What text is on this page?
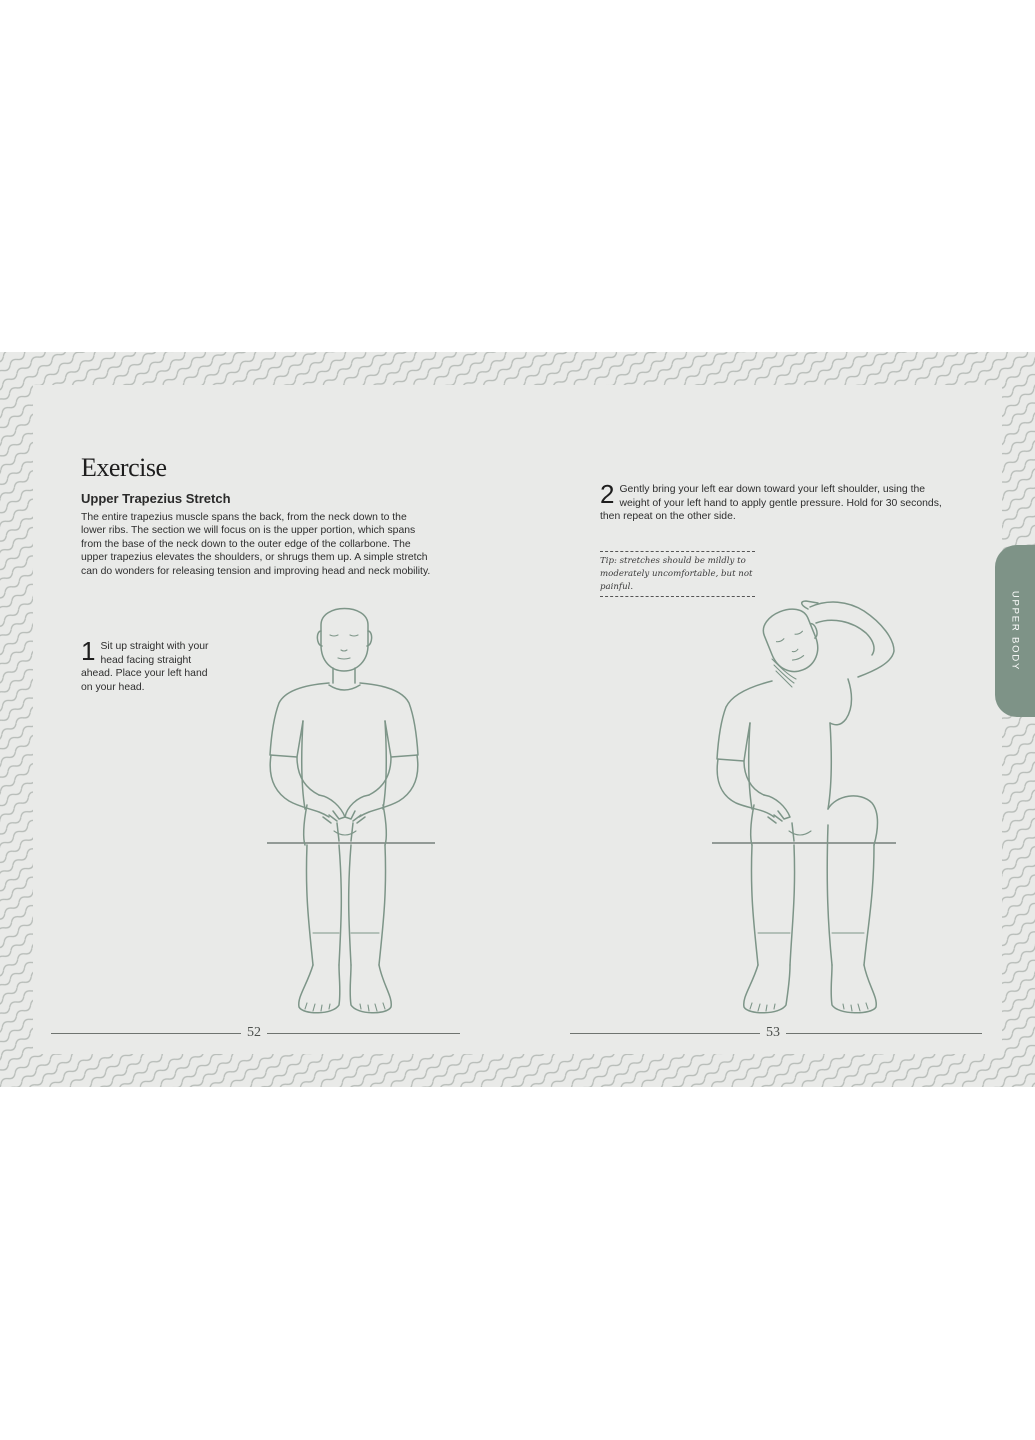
Exercise
Upper Trapezius Stretch

The entire trapezius muscle spans the back, from the neck down to the lower ribs. The section we will focus on is the upper portion, which spans from the base of the neck down to the outer edge of the collarbone. The upper trapezius elevates the shoulders, or shrugs them up. A simple stretch can do wonders for releasing tension and improving head and neck mobility.

1 Sit up straight with your head facing straight ahead. Place your left hand on your head.
52
2 Gently bring your left ear down toward your left shoulder, using the weight of your left hand to apply gentle pressure. Hold for 30 seconds, then repeat on the other side.
Tip: stretches should be mildly to moderately uncomfortable, but not painful.
53
UPPER BODY
